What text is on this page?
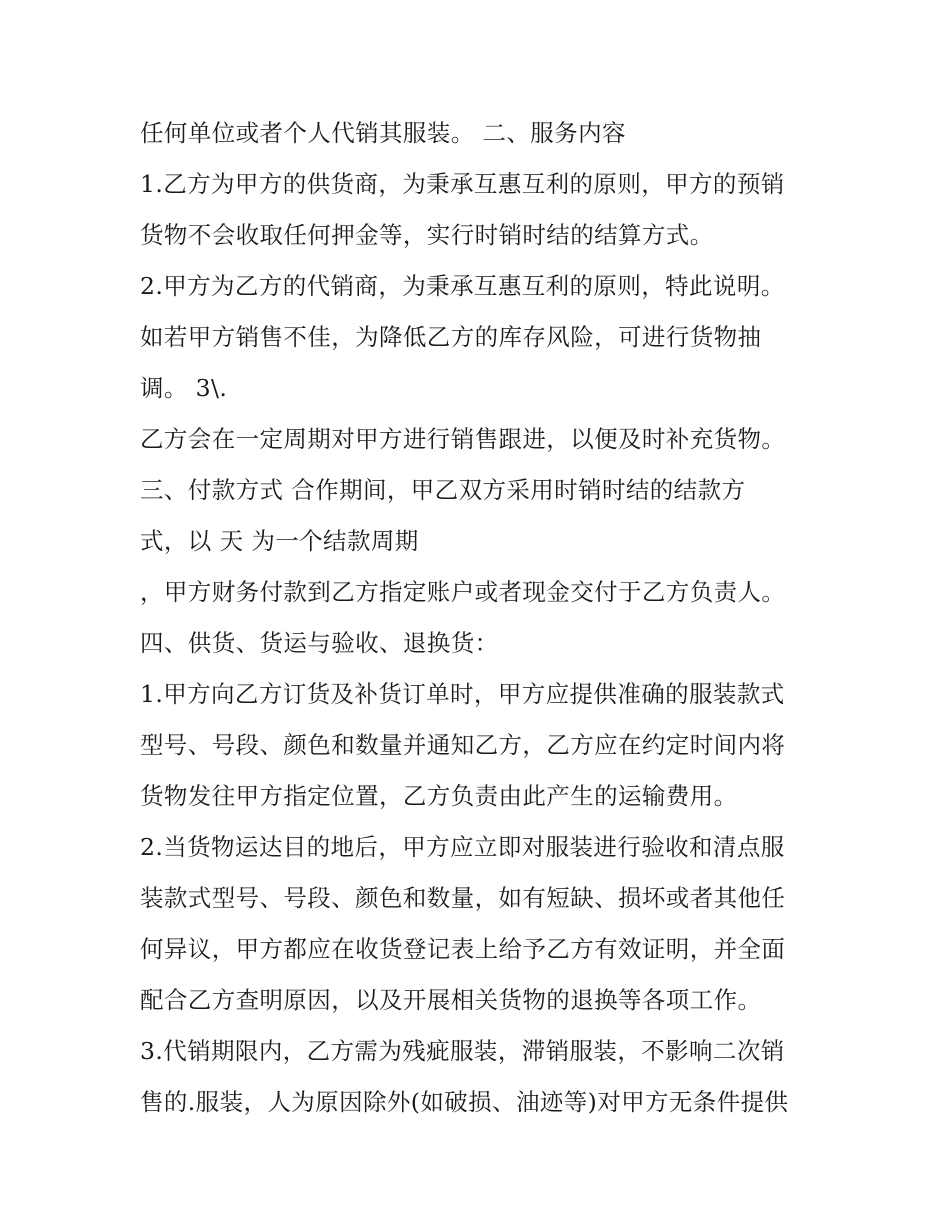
任何单位或者个人代销其服装。 二、服务内容
1.乙方为甲方的供货商，为秉承互惠互利的原则，甲方的预销
货物不会收取任何押金等，实行时销时结的结算方式。
2.甲方为乙方的代销商，为秉承互惠互利的原则，特此说明。
如若甲方销售不佳，为降低乙方的库存风险，可进行货物抽
调。 3\.
乙方会在一定周期对甲方进行销售跟进，以便及时补充货物。
三、付款方式 合作期间，甲乙双方采用时销时结的结款方
式，以 天 为一个结款周期
，甲方财务付款到乙方指定账户或者现金交付于乙方负责人。
四、供货、货运与验收、退换货：
1.甲方向乙方订货及补货订单时，甲方应提供准确的服装款式
型号、号段、颜色和数量并通知乙方，乙方应在约定时间内将
货物发往甲方指定位置，乙方负责由此产生的运输费用。
2.当货物运达目的地后，甲方应立即对服装进行验收和清点服
装款式型号、号段、颜色和数量，如有短缺、损坏或者其他任
何异议，甲方都应在收货登记表上给予乙方有效证明，并全面
配合乙方查明原因，以及开展相关货物的退换等各项工作。
3.代销期限内，乙方需为残疵服装，滞销服装，不影响二次销
售的.服装，人为原因除外(如破损、油迹等)对甲方无条件提供
